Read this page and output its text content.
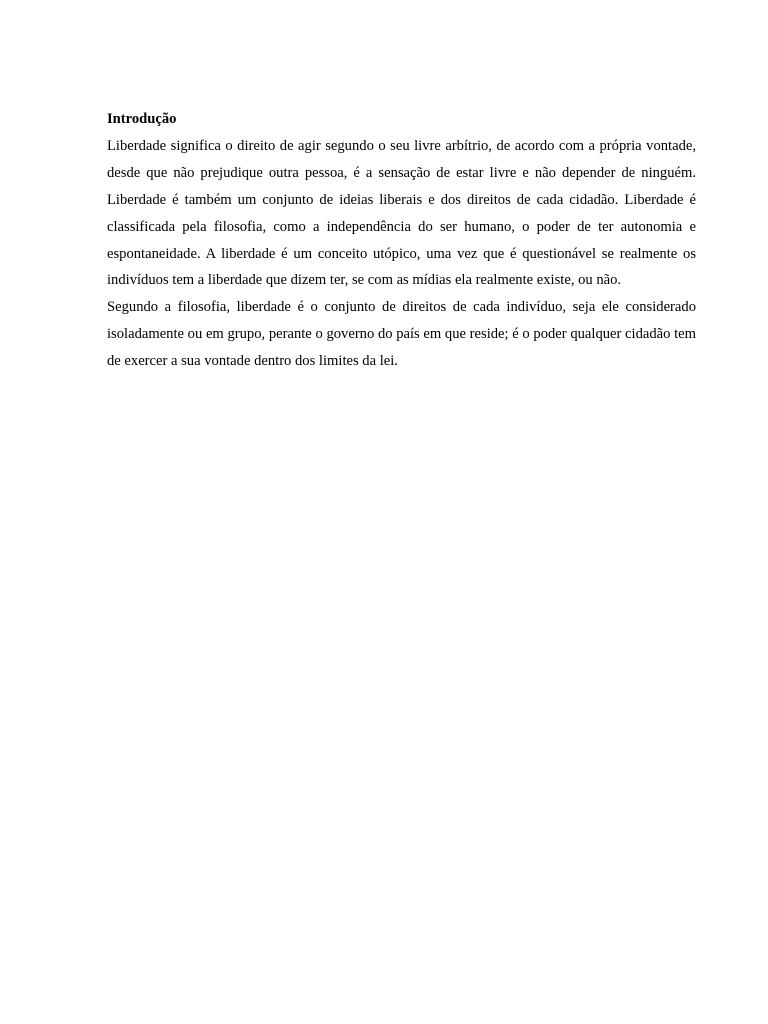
Introdução

Liberdade significa o direito de agir segundo o seu livre arbítrio, de acordo com a própria vontade, desde que não prejudique outra pessoa, é a sensação de estar livre e não depender de ninguém. Liberdade é também um conjunto de ideias liberais e dos direitos de cada cidadão. Liberdade é classificada pela filosofia, como a independência do ser humano, o poder de ter autonomia e espontaneidade. A liberdade é um conceito utópico, uma vez que é questionável se realmente os indivíduos tem a liberdade que dizem ter, se com as mídias ela realmente existe, ou não.

Segundo a filosofia, liberdade é o conjunto de direitos de cada indivíduo, seja ele considerado isoladamente ou em grupo, perante o governo do país em que reside; é o poder qualquer cidadão tem de exercer a sua vontade dentro dos limites da lei.
